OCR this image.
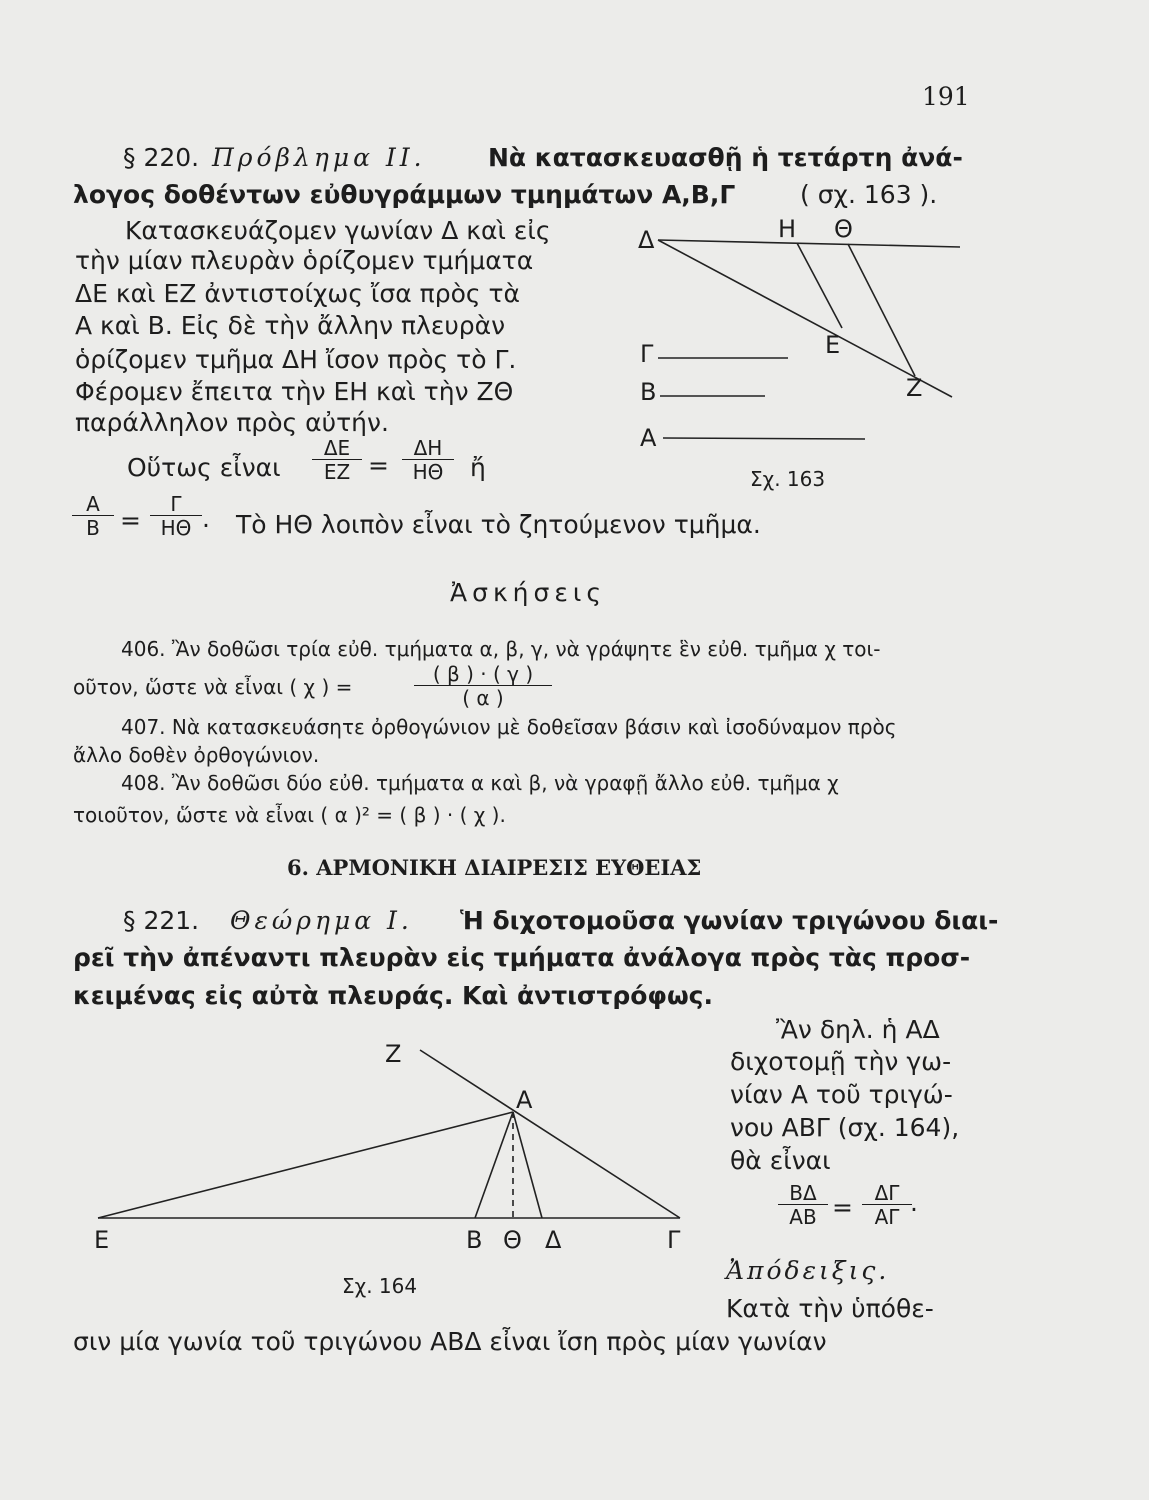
191
§ 220. Πρόβλημα ΙΙ. Νὰ κατασκευασθῇ ἡ τετάρτη ἀνά-
λογος δοθέντων εὐθυγράμμων τμημάτων Α,Β,Γ	( σχ. 163 ).
Κατασκευάζομεν γωνίαν Δ καὶ εἰς
τὴν μίαν πλευρὰν ὁρίζομεν τμήματα
ΔΕ καὶ ΕΖ ἀντιστοίχως ἴσα πρὸς τὰ
Α καὶ Β. Εἰς δὲ τὴν ἄλλην πλευρὰν
ὁρίζομεν τμῆμα ΔΗ ἴσον πρὸς τὸ Γ.
Φέρομεν ἔπειτα τὴν ΕΗ καὶ τὴν ΖΘ
παράλληλον πρὸς αὐτήν.
Οὕτως εἶναι $\frac{\Delta E}{EZ} = \frac{\Delta H}{H\Theta}$ ἤ
$\frac{A}{B} = \frac{\Gamma}{H\Theta}$ . Τὸ ΗΘ λοιπὸν εἶναι τὸ ζητούμενον τμῆμα.
Δ	Η Θ
Ε
Γ
Β	Ζ
Α
Σχ. 163
Ἀσκήσεις
406. Ἂν δοθῶσι τρία εὐθ. τμήματα α, β, γ, νὰ γράψητε ἓν εὐθ. τμῆμα χ τοι-
οῦτον, ὥστε νὰ εἶναι ( χ ) =	$\frac{( \beta ) \cdot ( \gamma )}{( \alpha )}$
407. Νὰ κατασκευάσητε ὀρθογώνιον μὲ δοθεῖσαν βάσιν καὶ ἰσοδύναμον πρὸς
ἄλλο δοθὲν ὀρθογώνιον.
408. Ἂν δοθῶσι δύο εὐθ. τμήματα α καὶ β, νὰ γραφῇ ἄλλο εὐθ. τμῆμα χ
τοιοῦτον, ὥστε νὰ εἶναι ( α )² = ( β ) · ( χ ).
6. ΑΡΜΟΝΙΚΗ ΔΙΑΙΡΕΣΙΣ ΕΥΘΕΙΑΣ
§ 221. Θεώρημα Ι. Ἡ διχοτομοῦσα γωνίαν τριγώνου διαι-
ρεῖ τὴν ἀπέναντι πλευρὰν εἰς τμήματα ἀνάλογα πρὸς τὰς προσ-
κειμένας εἰς αὐτὰ πλευράς. Καὶ ἀντιστρόφως.
Ἂν δηλ. ἡ ΑΔ
διχοτομῇ τὴν γω-
νίαν Α τοῦ τριγώ-
νου ΑΒΓ (σχ. 164),
θὰ εἶναι
$\frac{B\Delta}{AB} = \frac{\Delta\Gamma}{A\Gamma}$
.
Ἀπόδειξις.
Κατὰ τὴν ὑπόθε-
σιν μία γωνία τοῦ τριγώνου ΑΒΔ εἶναι ἴση πρὸς μίαν γωνίαν
Ζ
Α
Ε	Β Θ Δ	Γ
Σχ. 164
